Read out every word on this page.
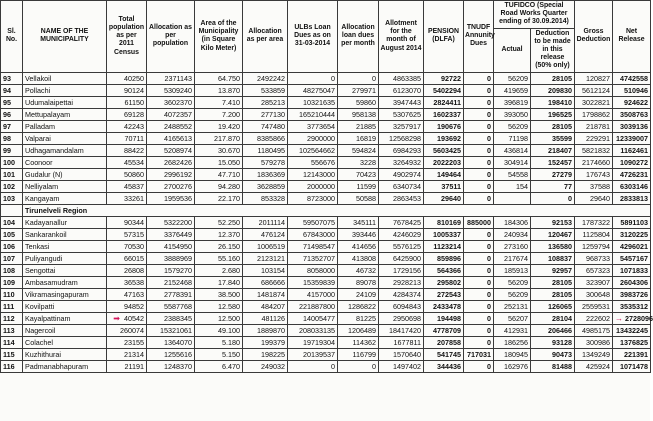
Sl. No.	NAME OF THE MUNICIPALITY	Total population as per 2011 Census	Allocation as per population	Area of the Municipality (in Square Kilo Meter)	Allocation as per area	ULBs Loan Dues as on 31-03-2014	Allocation loan dues per month	Allotment for the month of August 2014	PENSION (DLFA)	TNUDF Annunity Dues	TUFIDCO (Special Road Works Quarter ending of 30.09.2014)		Gross Deduction	Net Release
											Actual	Deduction to be made in this release (50% only)		
93	Vellakoil	40250	2371143	64.750	2492242	0	0	4863385	92722	0	56209	28105	120827	4742558
94	Pollachi	90124	5309240	13.870	533859	48275047	279971	6123070	5402294	0	419659	209830	5612124	510946
95	Udumalaipettai	61150	3602370	7.410	285213	10321635	59860	3947443	2824411	0	396819	198410	3022821	924622
96	Mettupalayam	69128	4072357	7.200	277130	165210444	958138	5307625	1602337	0	393050	196525	1798862	3508763
97	Palladam	42243	2488552	19.420	747480	3773654	21885	3257917	190676	0	56209	28105	218781	3039136
98	Valparai	70711	4165613	217.870	8385866	2900000	16819	12568298	193692	0	71198	35599	229291	12339007
99	Udhagamandalam	88422	5208974	30.670	1180495	102564662	594824	6984293	5603425	0	436814	218407	5821832	1162461
100	Coonoor	45534	2682426	15.050	579278	556676	3228	3264932	2022203	0	304914	152457	2174660	1090272
101	Gudalur (N)	50860	2996192	47.710	1836369	12143000	70423	4902974	149464	0	54558	27279	176743	4726231
102	Nelliyalam	45837	2700276	94.280	3628859	2000000	11599	6340734	37511	0	154	77	37588	6303146
103	Kangayam	33261	1959536	22.170	853328	8723000	50588	2863453	29640	0		0	29640	2833813
	Tirunelveli Region													
104	Kadayanallur	90344	5322200	52.250	2011114	59507075	345111	7678425	810169	885000	184306	92153	1787322	5891103
105	Sankarankoil	57315	3376449	12.370	476124	67843000	393446	4246029	1005337	0	240934	120467	1125804	3120225
106	Tenkasi	70530	4154950	26.150	1006519	71498547	414656	5576125	1123214	0	273160	136580	1259794	4296021
107	Puliyangudi	66015	3888969	55.160	2123121	71352707	413808	6425900	859896	0	217674	108837	968733	5457167
108	Sengottai	26808	1579270	2.680	103154	8058000	46732	1729156	564366	0	185913	92957	657323	1071833
109	Ambasamudram	36538	2152468	17.840	686666	15359839	89078	2928213	295802	0	56209	28105	323907	2604306
110	Vikramasingapuram	47163	2778391	38.500	1481874	4157000	24109	4284374	272543	0	56209	28105	300648	3983726
111	Kovilpatti	94852	5587768	12.580	484207	221887800	1286822	6094843	2433478	0	252131	126065	2559531	3535312
112	Kayalpattinam ➡	40542	2388345	12.500	481126	14005477	81225	2950698	194498	0	56207	28104	222602	→ 2728096
113	Nagercoil	260074	15321061	49.100	1889870	208033135	1206489	18417420	4778709	0	412931	206466	4985175	13432245
114	Colachel	23155	1364070	5.180	199379	19719304	114362	1677811	207858	0	186256	93128	300986	1376825
115	Kuzhithurai	21314	1255616	5.150	198225	20139537	116799	1570640	541745	717031	180945	90473	1349249	221391
116	Padmanabhapuram	21191	1248370	6.470	249032	0	0	1497402	344436	0	162976	81488	425924	1071478
